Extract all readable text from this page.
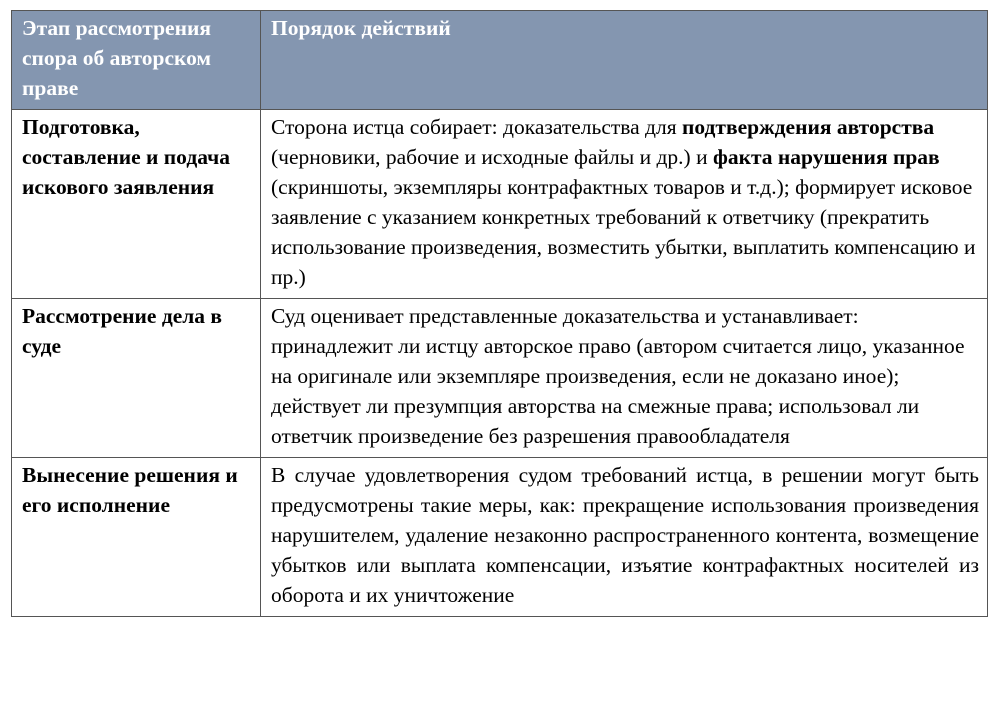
Этап рассмотрения спора об авторском праве	Порядок действий
Подготовка, составление и подача искового заявления	Сторона истца собирает: доказательства для подтверждения авторства (черновики, рабочие и исходные файлы и др.) и факта нарушения прав (скриншоты, экземпляры контрафактных товаров и т.д.); формирует исковое заявление с указанием конкретных требований к ответчику (прекратить использование произведения, возместить убытки, выплатить компенсацию и пр.)
Рассмотрение дела в суде	Суд оценивает представленные доказательства и устанавливает: принадлежит ли истцу авторское право (автором считается лицо, указанное на оригинале или экземпляре произведения, если не доказано иное); действует ли презумпция авторства на смежные права; использовал ли ответчик произведение без разрешения правообладателя
Вынесение решения и его исполнение	В случае удовлетворения судом требований истца, в решении могут быть предусмотрены такие меры, как: прекращение использования произведения нарушителем, удаление незаконно распространенного контента, возмещение убытков или выплата компенсации, изъятие контрафактных носителей из оборота и их уничтожение
